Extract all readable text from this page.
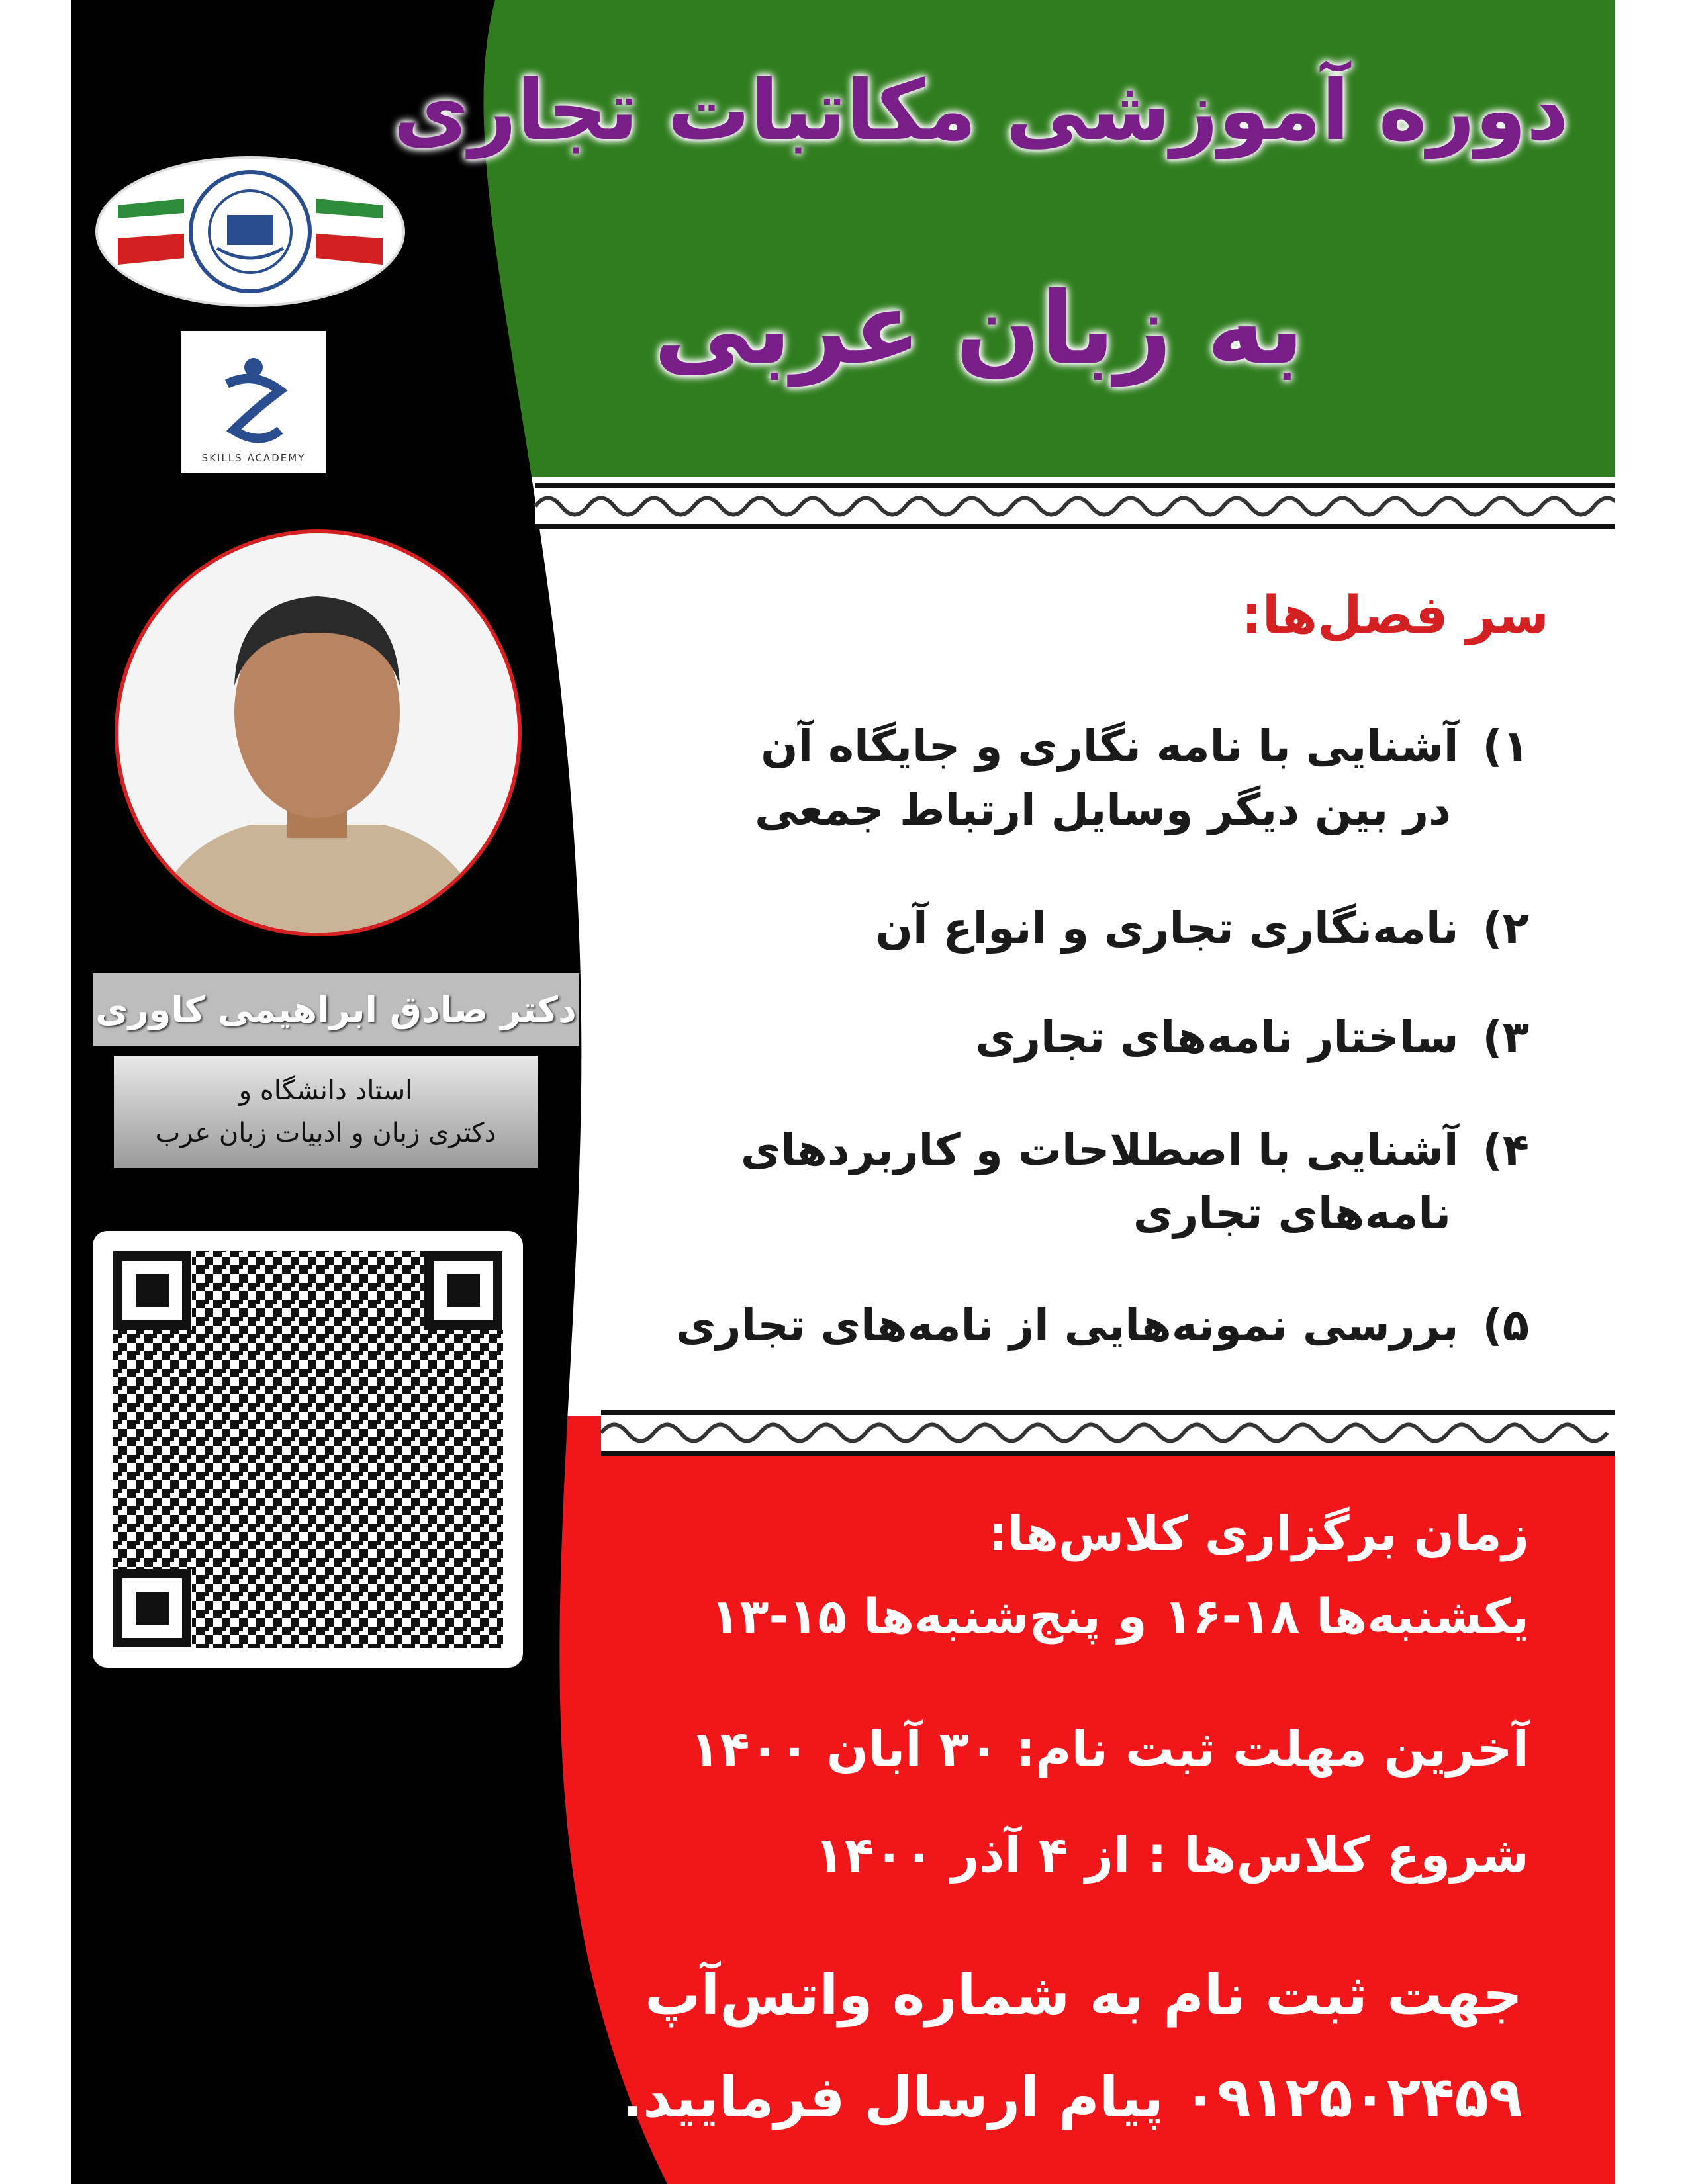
دوره آموزشی مکاتبات تجاری
به زبان عربی
SKILLS ACADEMY
دکتر صادق ابراهیمی کاوری
استاد دانشگاه و
دکتری زبان و ادبیات زبان عرب
سر فصل‌ها:
۱)آشنایی با نامه نگاری و جایگاه آن
در بین دیگر وسایل ارتباط جمعی
۲)نامه‌نگاری تجاری و انواع آن
۳)ساختار نامه‌های تجاری
۴)آشنایی با اصطلاحات و کاربردهای
نامه‌های تجاری
۵)بررسی نمونه‌هایی از نامه‌های تجاری
زمان برگزاری کلاس‌ها:
یکشنبه‌ها ۱۸-۱۶ و پنج‌شنبه‌ها ۱۵-۱۳
آخرین مهلت ثبت نام: ۳۰ آبان ۱۴۰۰
شروع کلاس‌ها : از ۴ آذر ۱۴۰۰
جهت ثبت نام به شماره واتس‌آپ
۰۹۱۲۵۰۲۴۵۹ پیام ارسال فرمایید.
